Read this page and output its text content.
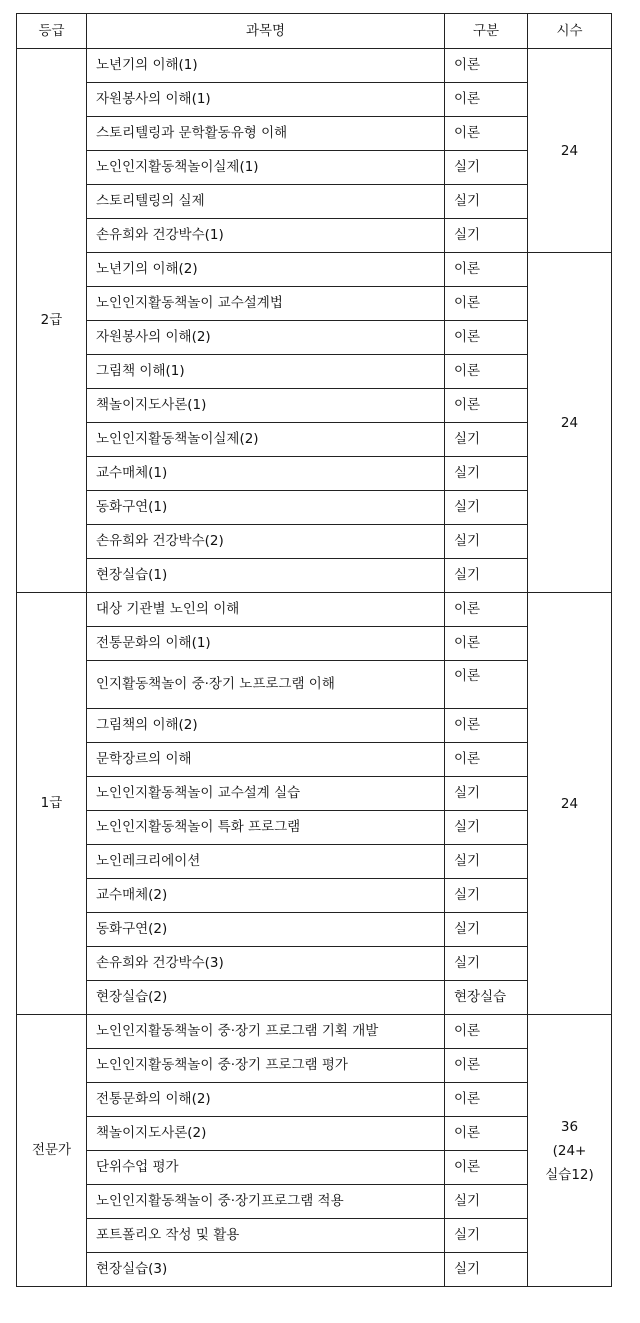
등급	과목명	구분	시수
2급	노년기의 이해(1)	이론	24

	자원봉사의 이해(1)	이론	
	스토리텔링과 문학활동유형 이해	이론	
	노인인지활동책놀이실제(1)	실기	
	스토리텔링의 실제	실기	
	손유희와 건강박수(1)	실기	
	노년기의 이해(2)	이론	24

	노인인지활동책놀이 교수설계법	이론	
	자원봉사의 이해(2)	이론	
	그림책 이해(1)	이론	
	책놀이지도사론(1)	이론	
	노인인지활동책놀이실제(2)	실기	
	교수매체(1)	실기	
	동화구연(1)	실기	
	손유희와 건강박수(2)	실기	
	현장실습(1)	실기	
1급	대상 기관별 노인의 이해	이론	24

	전통문화의 이해(1)	이론	
	인지활동책놀이 중·장기 노프로그램 이해	이론	
	그림책의 이해(2)	이론	
	문학장르의 이해	이론	
	노인인지활동책놀이 교수설계 실습	실기	
	노인인지활동책놀이 특화 프로그램	실기	
	노인레크리에이션	실기	
	교수매체(2)	실기	
	동화구연(2)	실기	
	손유희와 건강박수(3)	실기	
	현장실습(2)	현장실습	
전문가	노인인지활동책놀이 중·장기 프로그램 기획 개발	이론	36
(24+
실습12)

	노인인지활동책놀이 중·장기 프로그램 평가	이론	
	전통문화의 이해(2)	이론	
	책놀이지도사론(2)	이론	
	단위수업 평가	이론	
	노인인지활동책놀이 중·장기프로그램 적용	실기	
	포트폴리오 작성 및 활용	실기	
	현장실습(3)	실기	
